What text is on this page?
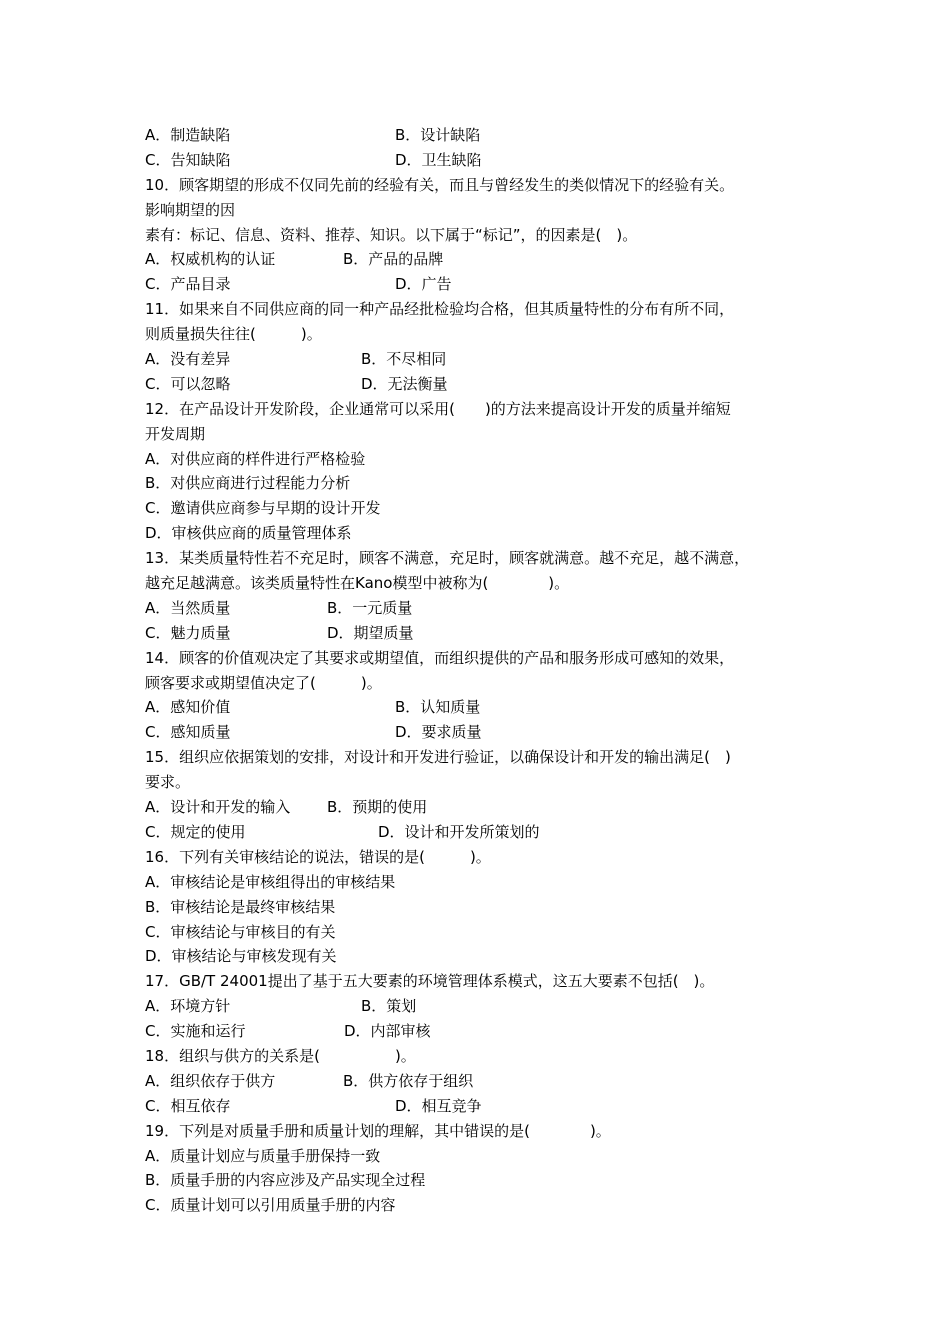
A．制造缺陷	B．设计缺陷
C．告知缺陷	D．卫生缺陷
10．顾客期望的形成不仅同先前的经验有关，而且与曾经发生的类似情况下的经验有关。
影响期望的因
素有：标记、信息、资料、推荐、知识。以下属于“标记”，的因素是(　)。
A．权威机构的认证	B．产品的品牌
C．产品目录	D．广告
11．如果来自不同供应商的同一种产品经批检验均合格，但其质量特性的分布有所不同，
则质量损失往往(　　　)。
A．没有差异	B．不尽相同
C．可以忽略	D．无法衡量
12．在产品设计开发阶段，企业通常可以采用(　　)的方法来提高设计开发的质量并缩短
开发周期
A．对供应商的样件进行严格检验
B．对供应商进行过程能力分析
C．邀请供应商参与早期的设计开发
D．审核供应商的质量管理体系
13．某类质量特性若不充足时，顾客不满意，充足时，顾客就满意。越不充足，越不满意，
越充足越满意。该类质量特性在Kano模型中被称为(　　　　)。
A．当然质量	B．一元质量
C．魅力质量	D．期望质量
14．顾客的价值观决定了其要求或期望值，而组织提供的产品和服务形成可感知的效果，
顾客要求或期望值决定了(　　　)。
A．感知价值	B．认知质量
C．感知质量	D．要求质量
15．组织应依据策划的安排，对设计和开发进行验证，以确保设计和开发的输出满足(　)
要求。
A．设计和开发的输入 B．预期的使用
C．规定的使用	D．设计和开发所策划的
16．下列有关审核结论的说法，错误的是(　　　)。
A．审核结论是审核组得出的审核结果
B．审核结论是最终审核结果
C．审核结论与审核目的有关
D．审核结论与审核发现有关
17．GB/T 24001提出了基于五大要素的环境管理体系模式，这五大要素不包括(　)。
A．环境方针	B．策划
C．实施和运行	D．内部审核
18．组织与供方的关系是(　　　　　)。
A．组织依存于供方	B．供方依存于组织
C．相互依存	D．相互竞争
19．下列是对质量手册和质量计划的理解，其中错误的是(　　　　)。
A．质量计划应与质量手册保持一致
B．质量手册的内容应涉及产品实现全过程
C．质量计划可以引用质量手册的内容
